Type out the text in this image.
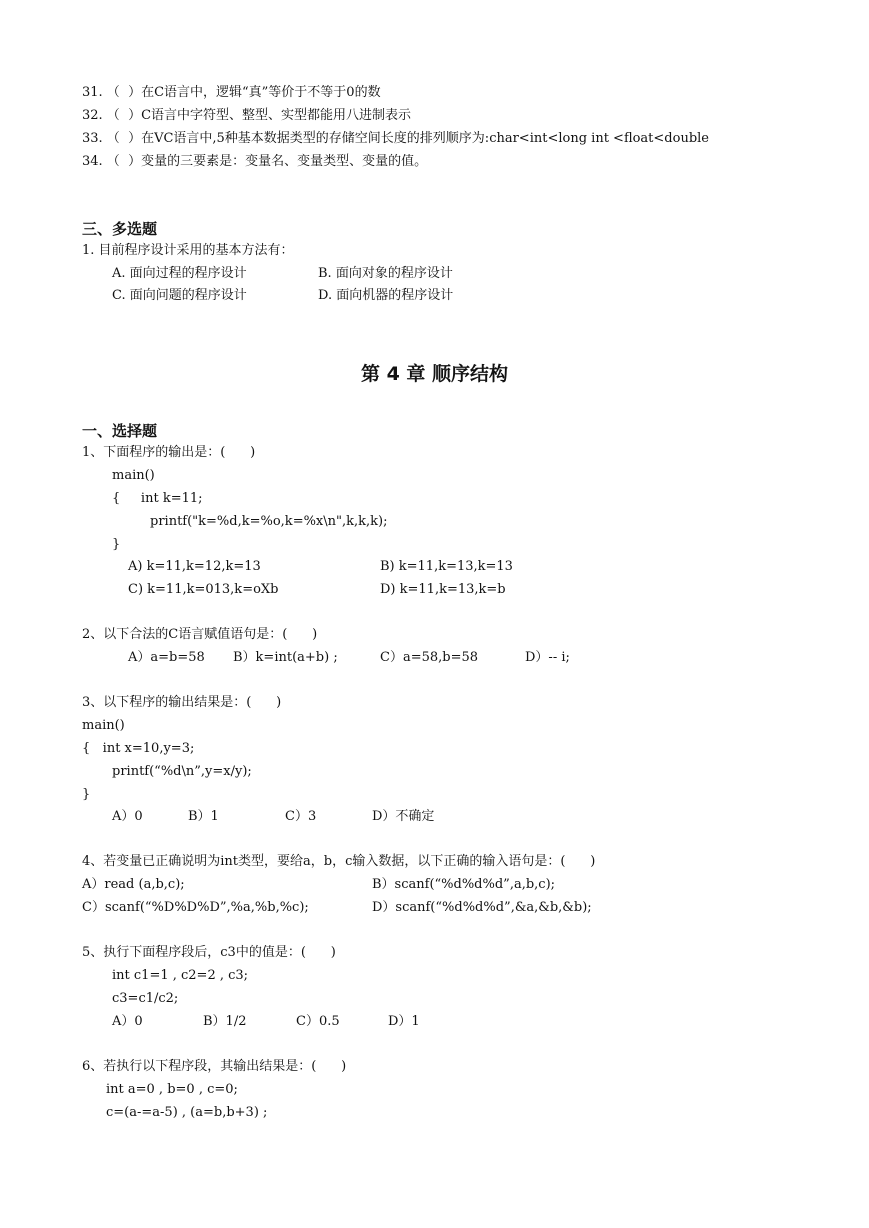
31. （  ）在C语言中，逻辑“真”等价于不等于0的数
32. （  ）C语言中字符型、整型、实型都能用八进制表示
33. （  ）在VC语言中,5种基本数据类型的存储空间长度的排列顺序为:char<int<long int <float<double
34. （  ）变量的三要素是：变量名、变量类型、变量的值。
三、多选题
1. 目前程序设计采用的基本方法有：
A. 面向过程的程序设计	B. 面向对象的程序设计
C. 面向问题的程序设计	D. 面向机器的程序设计
第 4 章 顺序结构
一、选择题
1、下面程序的输出是：(      )
main()
{     int k=11;
printf("k=%d,k=%o,k=%x\n",k,k,k);
}
A) k=11,k=12,k=13	B) k=11,k=13,k=13
C) k=11,k=013,k=oXb	D) k=11,k=13,k=b
2、以下合法的C语言赋值语句是：(      )
A）a=b=58 B）k=int(a+b) ;	C）a=58,b=58	D）-- i;
3、以下程序的输出结果是：(      )
main()
{   int x=10,y=3;
printf(“%d\n”,y=x/y);
}
A）0	B）1	C）3	D）不确定
4、若变量已正确说明为int类型，要给a，b，c输入数据，以下正确的输入语句是：(      )
A）read (a,b,c);	B）scanf(“%d%d%d”,a,b,c);
C）scanf(“%D%D%D”,%a,%b,%c);	D）scanf(“%d%d%d”,&a,&b,&b);
5、执行下面程序段后，c3中的值是：(      )
int c1=1 , c2=2 , c3;
c3=c1/c2;
A）0	B）1/2	C）0.5	D）1
6、若执行以下程序段，其输出结果是：(      )
int a=0 , b=0 , c=0;
c=(a-=a-5) , (a=b,b+3) ;
